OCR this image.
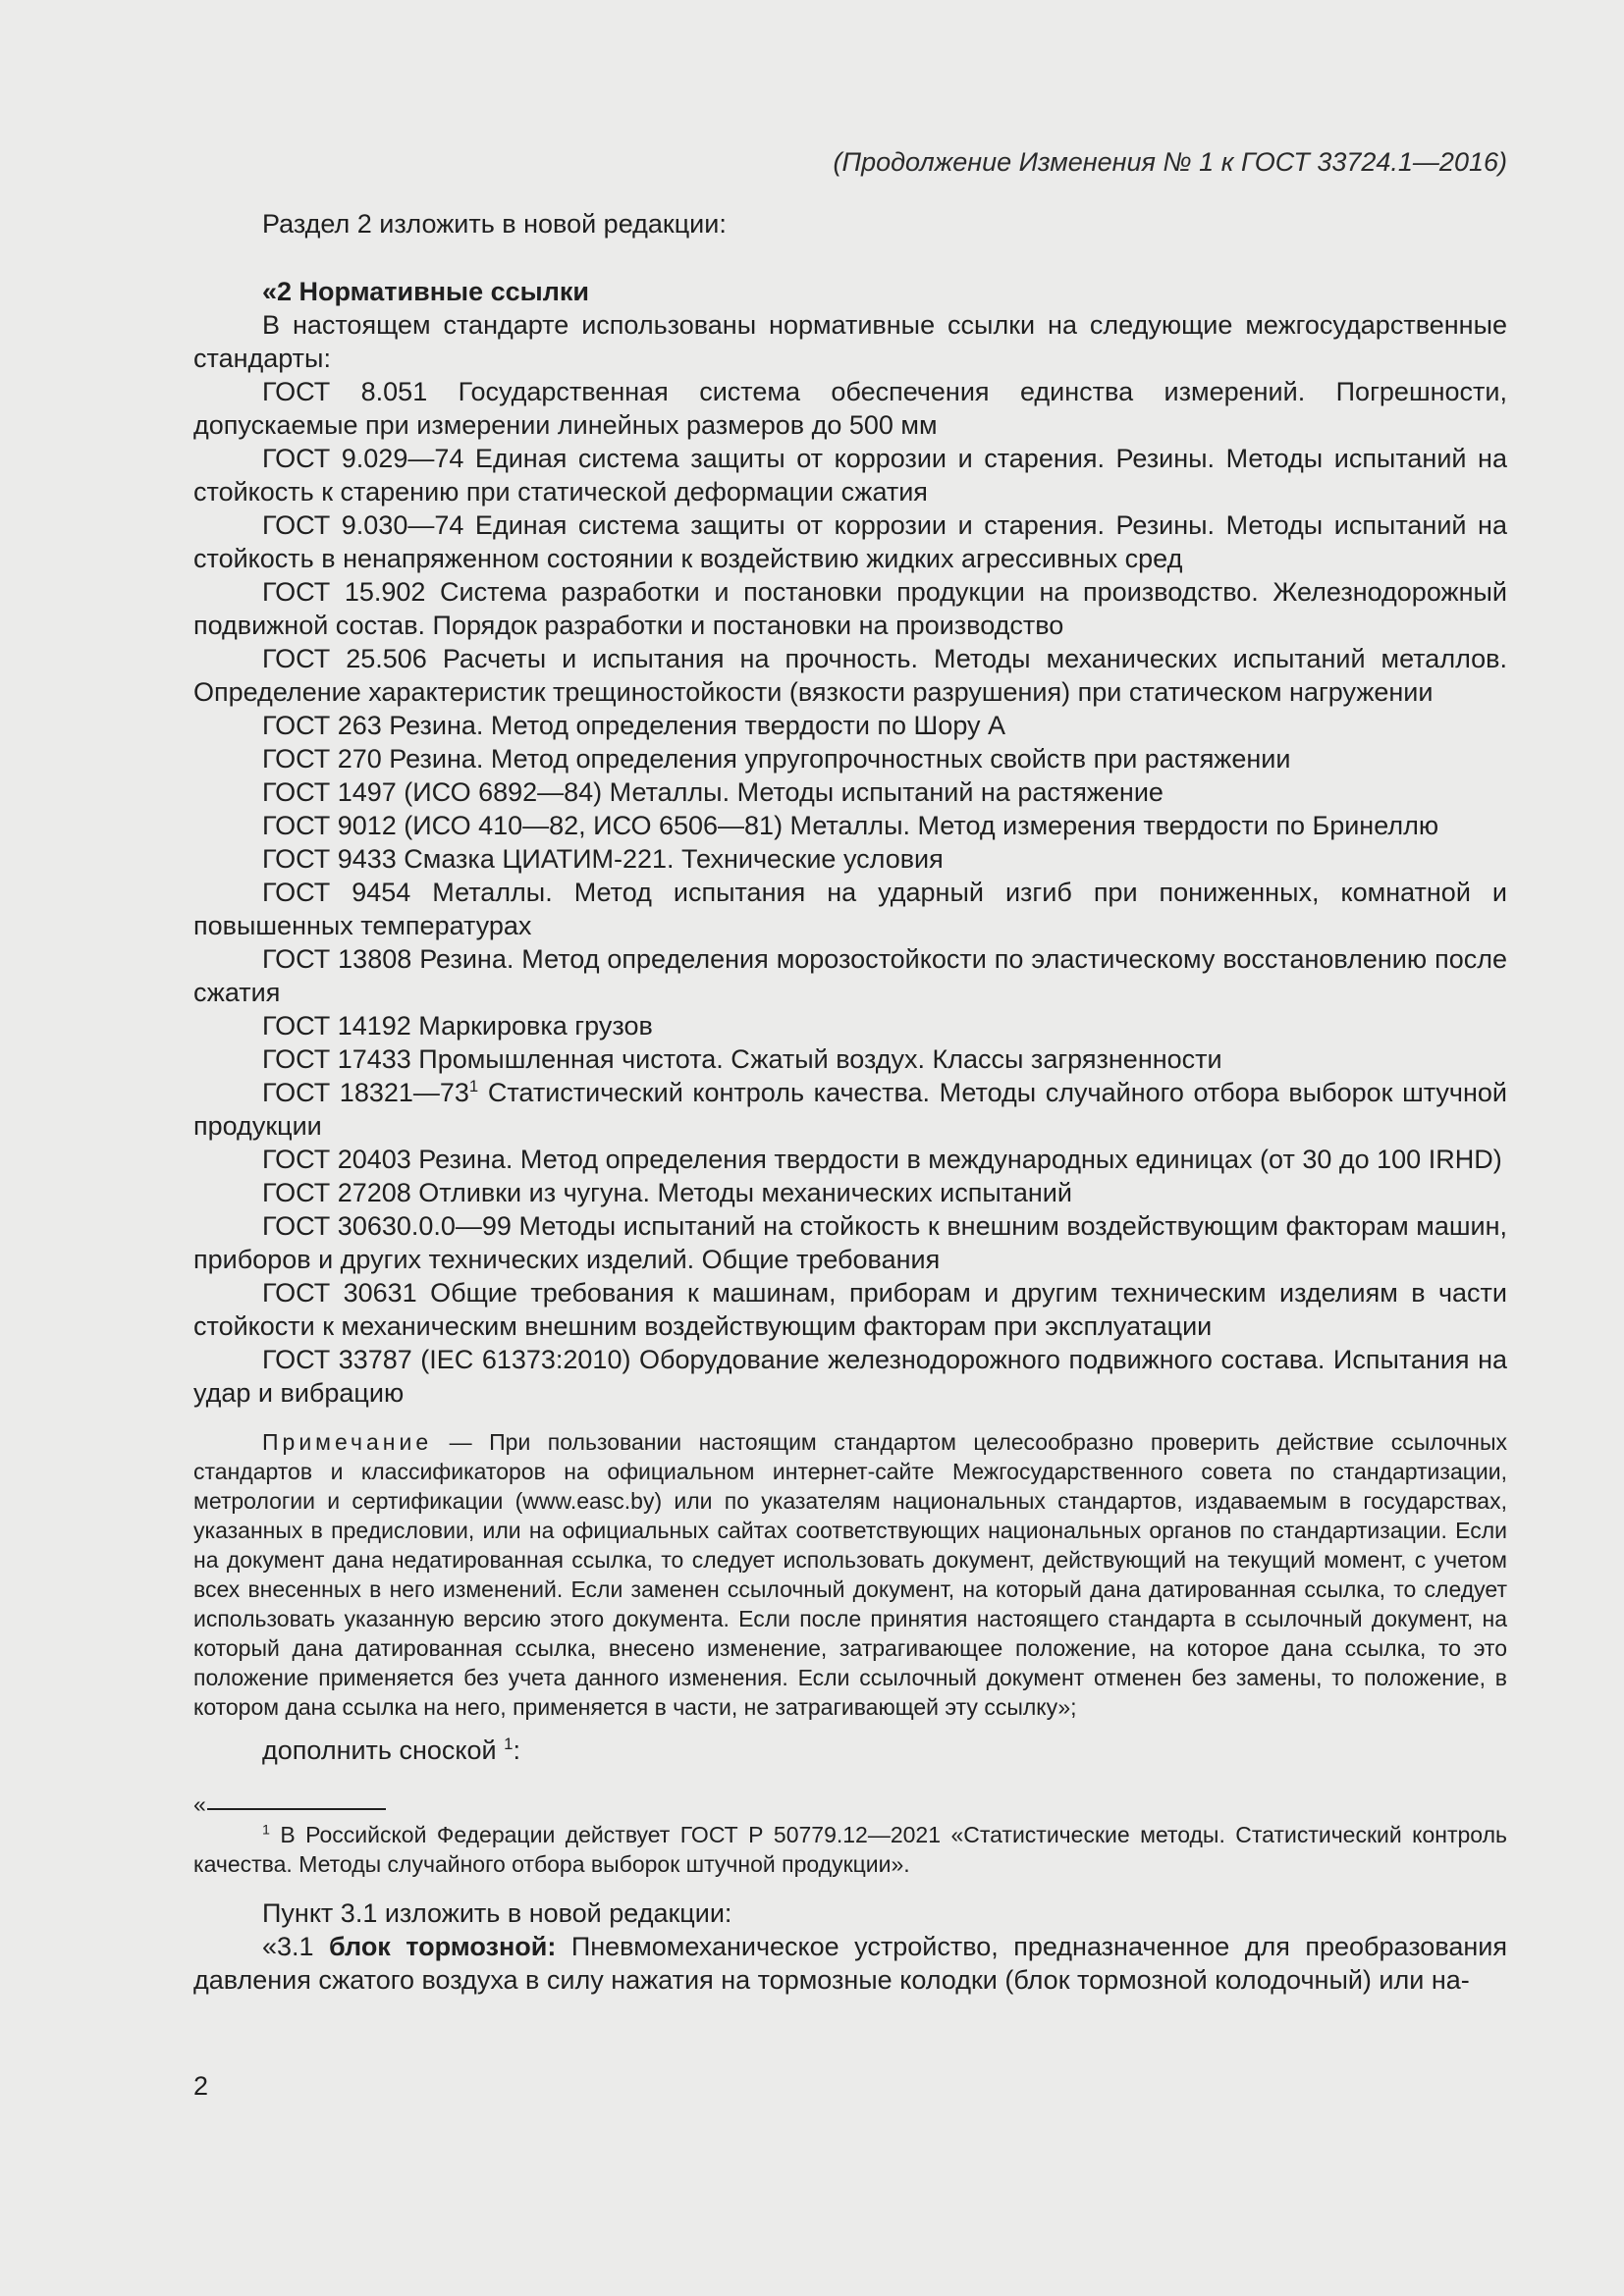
(Продолжение Изменения № 1 к ГОСТ 33724.1—2016)
Раздел 2 изложить в новой редакции:

«2 Нормативные ссылки

В настоящем стандарте использованы нормативные ссылки на следующие межгосударственные стандарты:

ГОСТ 8.051 Государственная система обеспечения единства измерений. Погрешности, допускаемые при измерении линейных размеров до 500 мм

ГОСТ 9.029—74 Единая система защиты от коррозии и старения. Резины. Методы испытаний на стойкость к старению при статической деформации сжатия

ГОСТ 9.030—74 Единая система защиты от коррозии и старения. Резины. Методы испытаний на стойкость в ненапряженном состоянии к воздействию жидких агрессивных сред

ГОСТ 15.902 Система разработки и постановки продукции на производство. Железнодорожный подвижной состав. Порядок разработки и постановки на производство

ГОСТ 25.506 Расчеты и испытания на прочность. Методы механических испытаний металлов. Определение характеристик трещиностойкости (вязкости разрушения) при статическом нагружении

ГОСТ 263 Резина. Метод определения твердости по Шору А

ГОСТ 270 Резина. Метод определения упругопрочностных свойств при растяжении

ГОСТ 1497 (ИСО 6892—84) Металлы. Методы испытаний на растяжение

ГОСТ 9012 (ИСО 410—82, ИСО 6506—81) Металлы. Метод измерения твердости по Бринеллю

ГОСТ 9433 Смазка ЦИАТИМ-221. Технические условия

ГОСТ 9454 Металлы. Метод испытания на ударный изгиб при пониженных, комнатной и повышенных температурах

ГОСТ 13808 Резина. Метод определения морозостойкости по эластическому восстановлению после сжатия

ГОСТ 14192 Маркировка грузов

ГОСТ 17433 Промышленная чистота. Сжатый воздух. Классы загрязненности

ГОСТ $18321—73^1$ Статистический контроль качества. Методы случайного отбора выборок штучной продукции

ГОСТ 20403 Резина. Метод определения твердости в международных единицах (от 30 до 100 IRHD)

ГОСТ 27208 Отливки из чугуна. Методы механических испытаний

ГОСТ 30630.0.0—99 Методы испытаний на стойкость к внешним воздействующим факторам машин, приборов и других технических изделий. Общие требования

ГОСТ 30631 Общие требования к машинам, приборам и другим техническим изделиям в части стойкости к механическим внешним воздействующим факторам при эксплуатации

ГОСТ 33787 (IEC 61373:2010) Оборудование железнодорожного подвижного состава. Испытания на удар и вибрацию

Примечание — При пользовании настоящим стандартом целесообразно проверить действие ссылочных стандартов и классификаторов на официальном интернет-сайте Межгосударственного совета по стандартизации, метрологии и сертификации (www.easc.by) или по указателям национальных стандартов, издаваемым в государствах, указанных в предисловии, или на официальных сайтах соответствующих национальных органов по стандартизации. Если на документ дана недатированная ссылка, то следует использовать документ, действующий на текущий момент, с учетом всех внесенных в него изменений. Если заменен ссылочный документ, на который дана датированная ссылка, то следует использовать указанную версию этого документа. Если после принятия настоящего стандарта в ссылочный документ, на который дана датированная ссылка, внесено изменение, затрагивающее положение, на которое дана ссылка, то это положение применяется без учета данного изменения. Если ссылочный документ отменен без замены, то положение, в котором дана ссылка на него, применяется в части, не затрагивающей эту ссылку»;
дополнить сноской $^1$:
«
$^1$ В Российской Федерации действует ГОСТ Р 50779.12—2021 «Статистические методы. Статистический контроль качества. Методы случайного отбора выборок штучной продукции».

Пункт 3.1 изложить в новой редакции:

«3.1 блок тормозной: Пневмомеханическое устройство, предназначенное для преобразования давления сжатого воздуха в силу нажатия на тормозные колодки (блок тормозной колодочный) или на-

2
